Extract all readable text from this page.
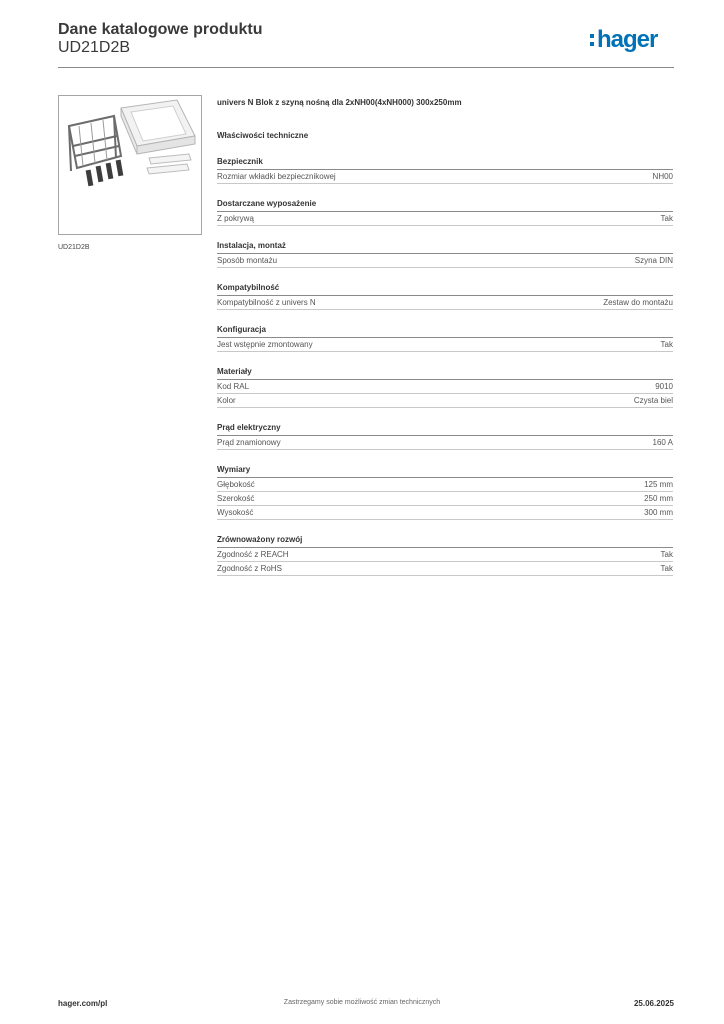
Dane katalogowe produktu
UD21D2B	hager
UD21D2B
univers N Blok z szyną nośną dla 2xNH00(4xNH000) 300x250mm
Właściwości techniczne
Bezpiecznik
Rozmiar wkładki bezpiecznikowej	NH00
Dostarczane wyposażenie
Z pokrywą	Tak
Instalacja, montaż
Sposób montażu	Szyna DIN
Kompatybilność
Kompatybilność z univers N	Zestaw do montażu
Konfiguracja
Jest wstępnie zmontowany	Tak
Materiały
Kod RAL	9010
Kolor	Czysta biel
Prąd elektryczny
Prąd znamionowy	160 A
Wymiary
Głębokość	125 mm
Szerokość	250 mm
Wysokość	300 mm
Zrównoważony rozwój
Zgodność z REACH	Tak
Zgodność z RoHS	Tak
hager.com/pl	Zastrzegamy sobie możliwość zmian technicznych	25.06.2025
